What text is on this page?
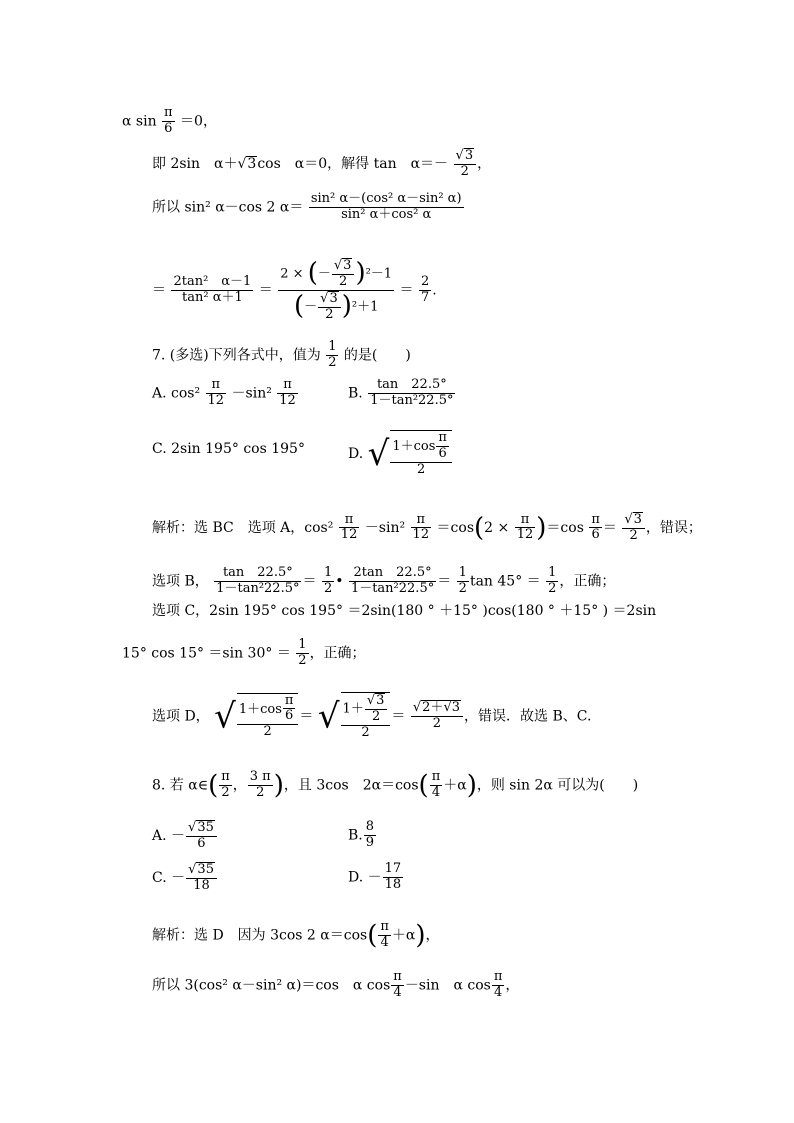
α $\sin \frac{\pi}{6} =0$，
即 2sin　α＋√3cos　α＝0，解得 tan　$\alpha=- \frac{√3}{2}$ ，
所以 sin² α－cos 2 $\alpha= \frac{\text{sin² α－(cos² α－sin² α)}}{\text{sin² α＋cos² α}}$
＝ $\frac{\text{2tan²　α－1}}{\text{tan² α＋1}} = \frac{2 \times (- \frac{√3}{2} )^2-1}{(- \frac{√3}{2} )^2+1} = \frac{2}{7}$ .
7. (多选)下列各式中，值为 $\frac{1}{2}$ 的是(　　)
A. $\cos^2 \frac{\pi}{12} -\sin^2 \frac{\pi}{12}$	B. $\frac{\tan 22.5^\circ}{\text{1－tan²22.5°}}$
C. 2sin 195° cos 195°	D. √ $\frac{1+\cos \frac{\pi}{6}}{2}$
解析：选 BC　选项 A，$\cos^2 \frac{\pi}{12} -\sin^2 \frac{\pi}{12} =\cos(2 \times \frac{\pi}{12} )=\cos \frac{\pi}{6} = \frac{√3}{2}$ ，错误；
选项 B， $\frac{\tan 22.5^\circ}{\text{1－tan²22.5°}} = \frac{1}{2}$ • $\frac{2\tan 22.5^\circ}{\text{1－tan²22.5°}} = \frac{1}{2}$ $\tan 45^\circ = \frac{1}{2}$ ，正确；
选项 C，2sin 195° cos 195° ＝2sin(180 ° ＋15° )cos(180 ° ＋15° ) ＝2sin
15° cos 15° ＝sin $30^\circ = \frac{1}{2}$ ，正确；
选项 D， √ $\frac{1+\cos \frac{\pi}{6}}{2}$ ＝ √ $\frac{1+ \frac{√3}{2}}{2} = \frac{√2+√3}{2}$ ，错误．故选 B、C.
8. 若 α∈( $\frac{\pi}{2}$ ， $\frac{3 \pi}{2}$ )，且 3cos　$2\alpha=\cos( \frac{\pi}{4} +\alpha)$，则 sin 2α 可以为(　　)
A. － $\frac{√35}{6}$	B. $\frac{8}{9}$
C. － $\frac{√35}{18}$	D. － $\frac{17}{18}$
解析：选 D　因为 3cos 2 $\alpha=\cos( \frac{\pi}{4} +\alpha)$，
所以 3(cos² α－sin² α)＝cos　α $\cos \frac{\pi}{4} -\sin$　α $\cos \frac{\pi}{4}$ ，
